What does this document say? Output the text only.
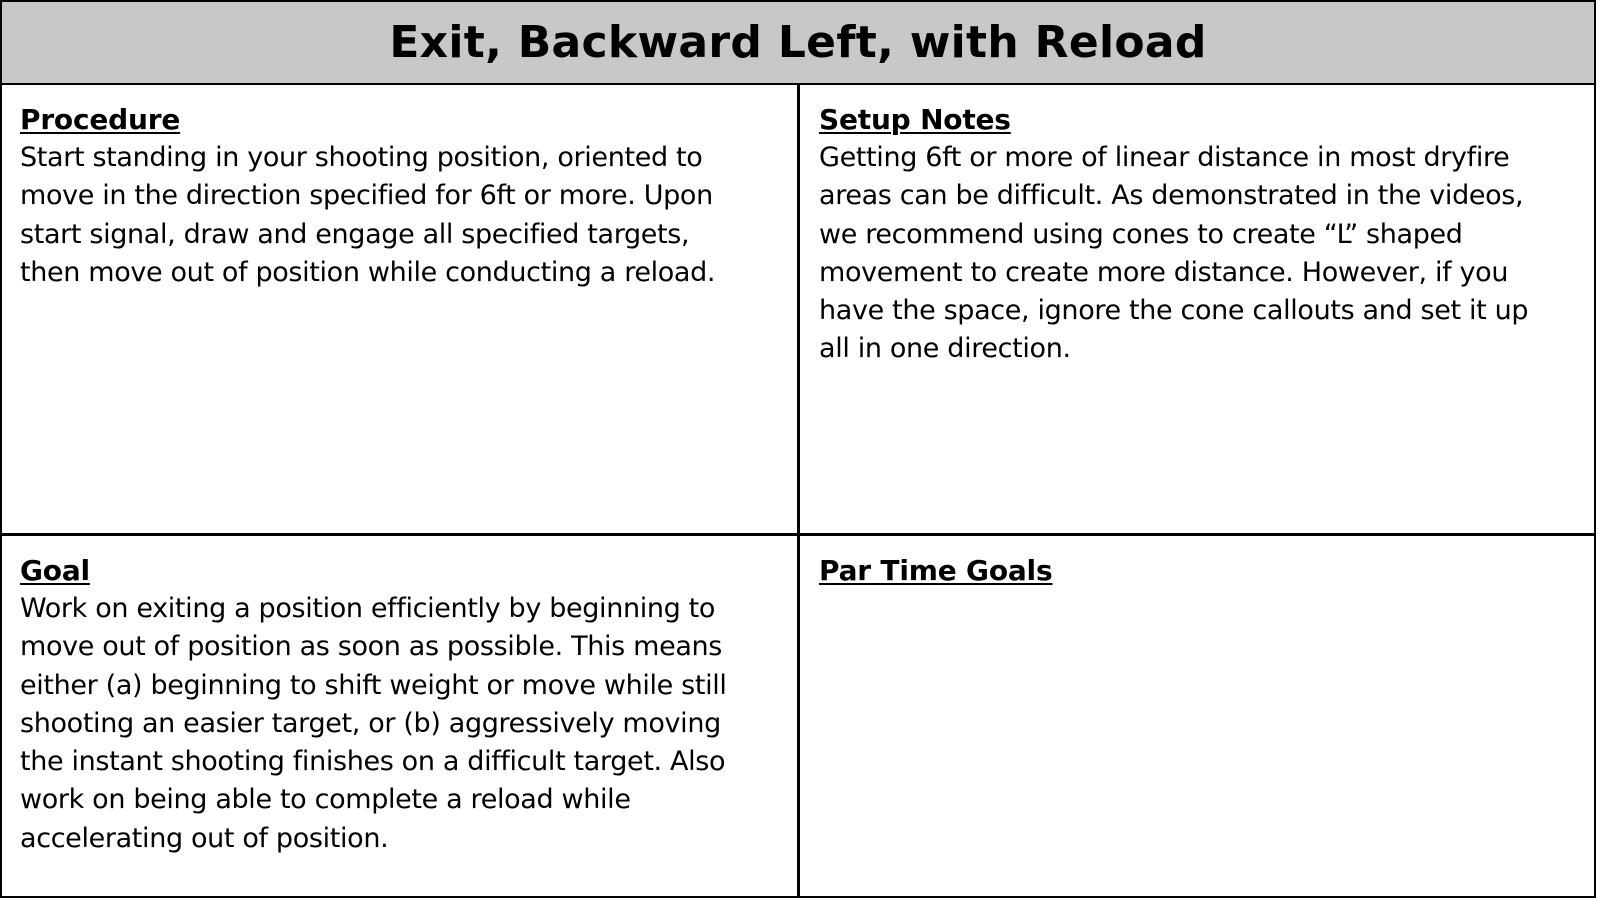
Exit, Backward Left, with Reload

Procedure

Start standing in your shooting position, oriented to
move in the direction specified for 6ft or more. Upon
start signal, draw and engage all specified targets,
then move out of position while conducting a reload.

Setup Notes

Getting 6ft or more of linear distance in most dryfire
areas can be difficult. As demonstrated in the videos,
we recommend using cones to create “L” shaped
movement to create more distance. However, if you
have the space, ignore the cone callouts and set it up
all in one direction.

Goal

Work on exiting a position efficiently by beginning to
move out of position as soon as possible. This means
either (a) beginning to shift weight or move while still
shooting an easier target, or (b) aggressively moving
the instant shooting finishes on a difficult target. Also
work on being able to complete a reload while
accelerating out of position.

Par Time Goals
